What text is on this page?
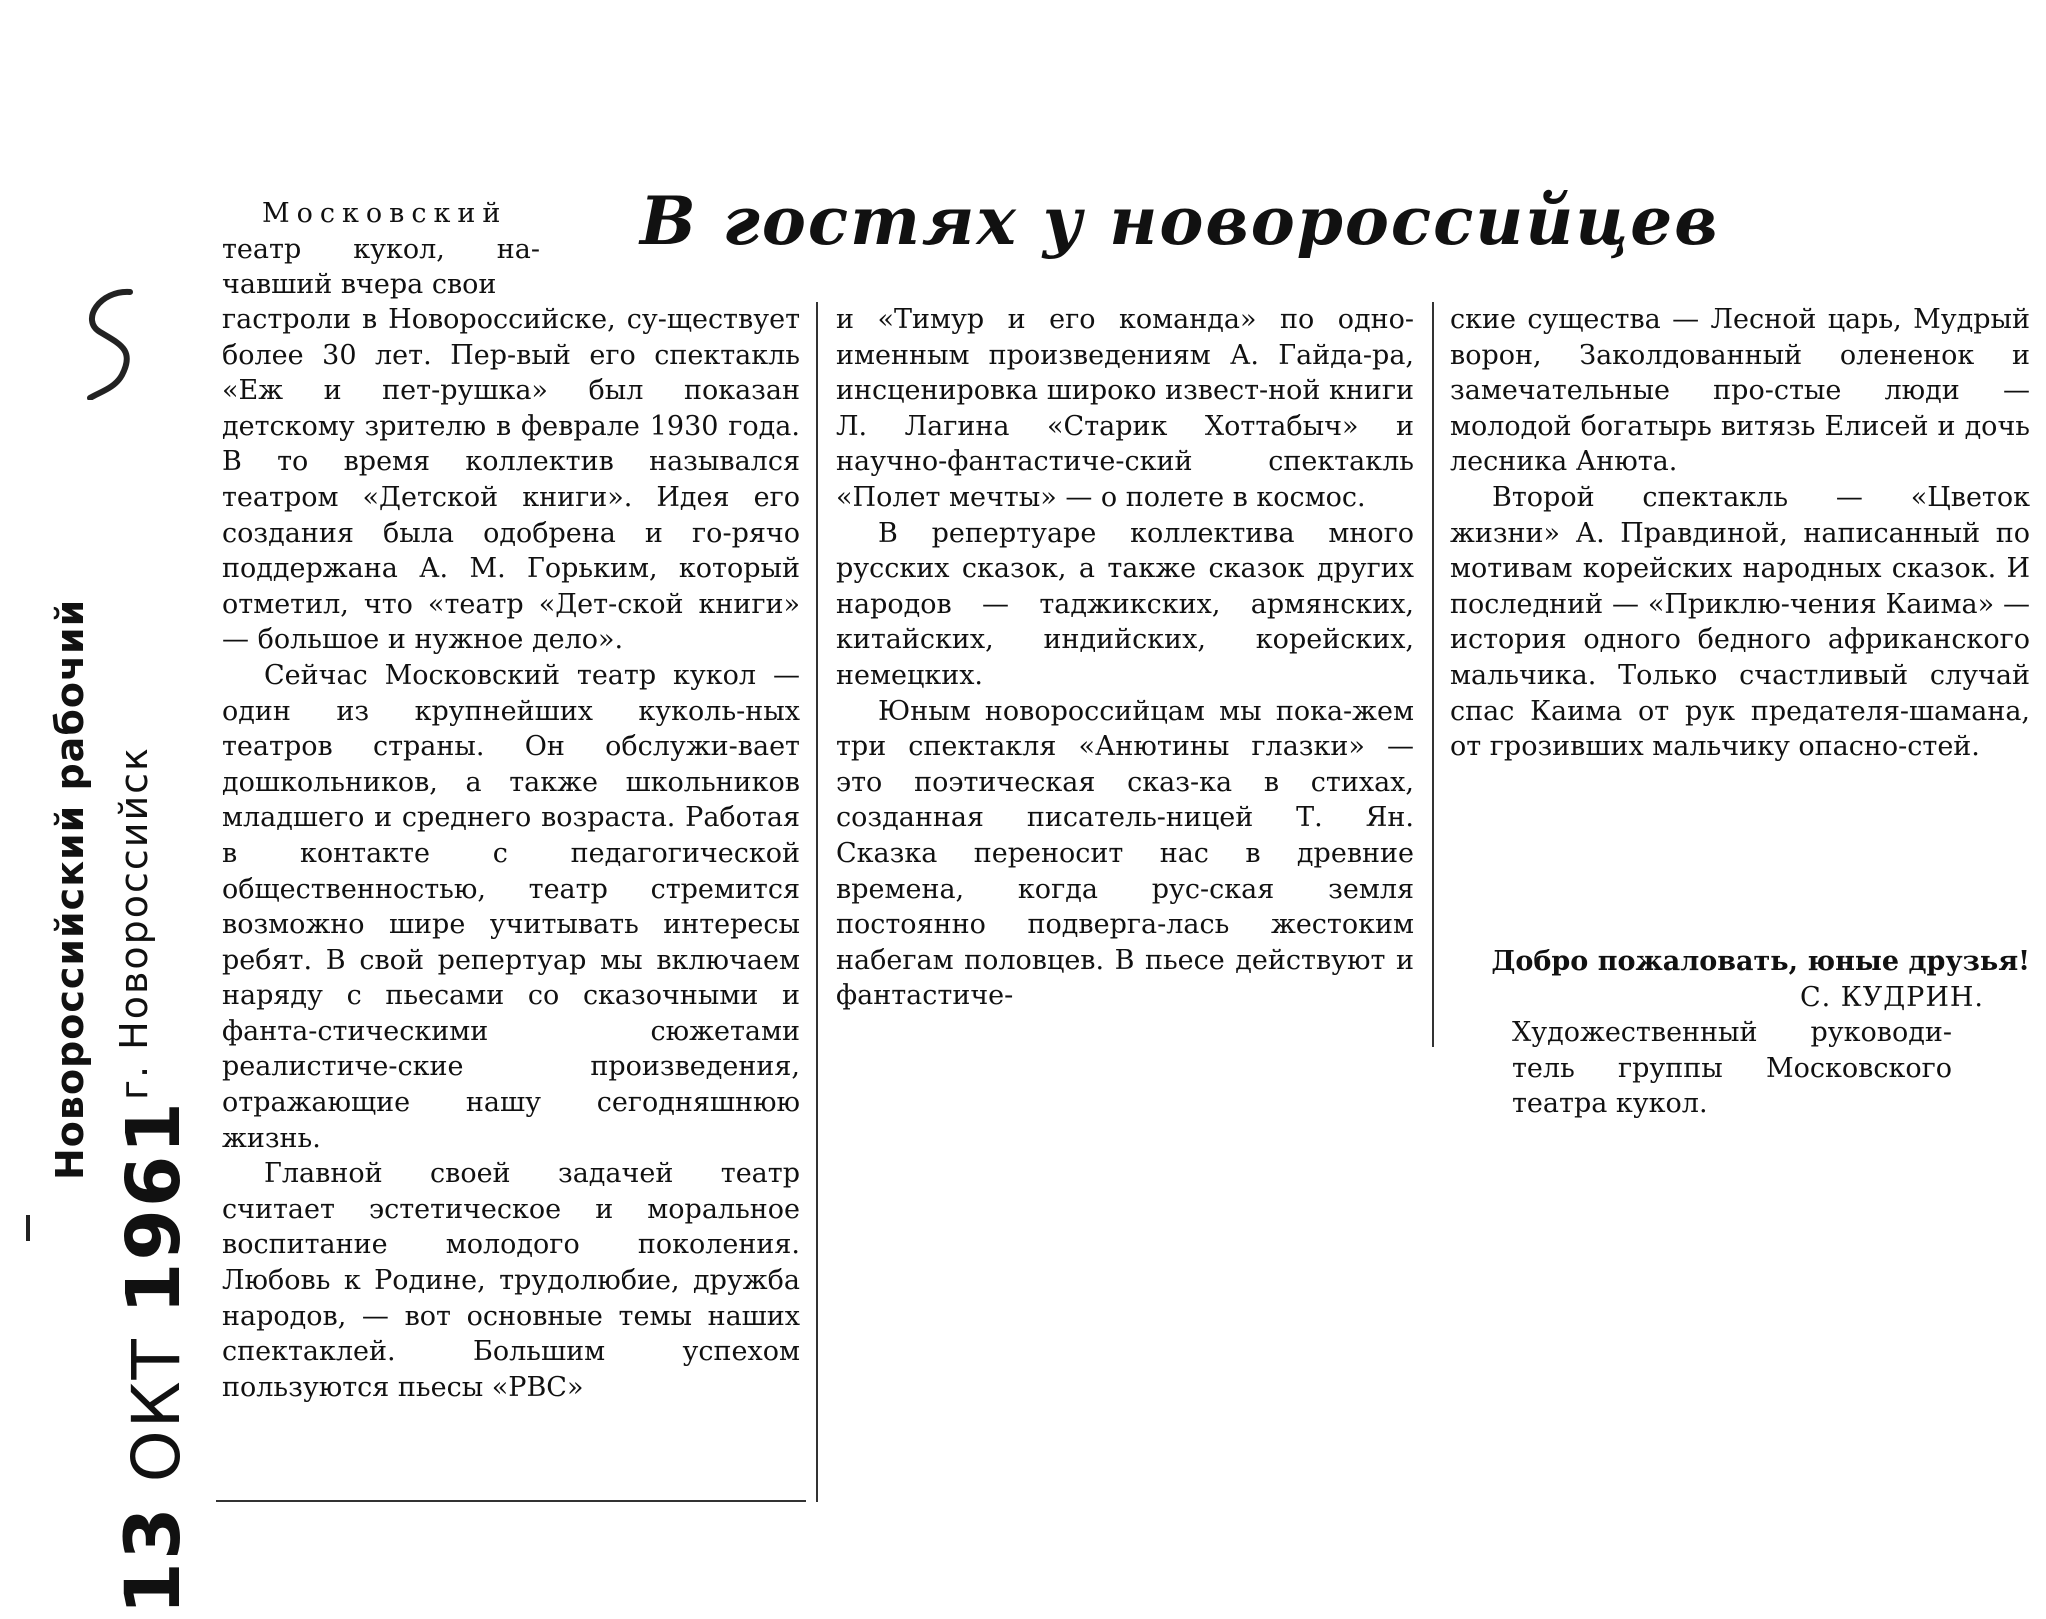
Новороссийский рабочий г. Новороссийск
13 ОКТ 1961
В гостях у новороссийцев

Московский театр кукол, на-чавший вчера свои

гастроли в Новороссийске, су-ществует более 30 лет. Пер-вый его спектакль «Еж и пет-рушка» был показан детскому зрителю в феврале 1930 года. В то время коллектив назывался театром «Детской книги». Идея его создания была одобрена и го-рячо поддержана А. М. Горьким, который отметил, что «театр «Дет-ской книги» — большое и нужное дело».

Сейчас Московский театр кукол — один из крупнейших куколь-ных театров страны. Он обслужи-вает дошкольников, а также школьников младшего и среднего возраста. Работая в контакте с педагогической общественностью, театр стремится возможно шире учитывать интересы ребят. В свой репертуар мы включаем наряду с пьесами со сказочными и фанта-стическими сюжетами реалистиче-ские произведения, отражающие нашу сегодняшнюю жизнь.

Главной своей задачей театр считает эстетическое и моральное воспитание молодого поколения. Любовь к Родине, трудолюбие, дружба народов, — вот основные темы наших спектаклей. Большим успехом пользуются пьесы «РВС»

и «Тимур и его команда» по одно-именным произведениям А. Гайда-ра, инсценировка широко извест-ной книги Л. Лагина «Старик Хоттабыч» и научно-фантастиче-ский спектакль «Полет мечты» — о полете в космос.

В репертуаре коллектива много русских сказок, а также сказок других народов — таджикских, армянских, китайских, индийских, корейских, немецких.

Юным новороссийцам мы пока-жем три спектакля «Анютины глазки» — это поэтическая сказ-ка в стихах, созданная писатель-ницей Т. Ян. Сказка переносит нас в древние времена, когда рус-ская земля постоянно подверга-лась жестоким набегам половцев. В пьесе действуют и фантастиче-

ские существа — Лесной царь, Мудрый ворон, Заколдованный олененок и замечательные про-стые люди — молодой богатырь витязь Елисей и дочь лесника Анюта.

Второй спектакль — «Цветок жизни» А. Правдиной, написанный по мотивам корейских народных сказок. И последний — «Приклю-чения Каима» — история одного бедного африканского мальчика. Только счастливый случай спас Каима от рук предателя-шамана, от грозивших мальчику опасно-стей.

Добро пожаловать, юные друзья!
С. КУДРИН.
Художественный руководи-тель группы Московского театра кукол.
